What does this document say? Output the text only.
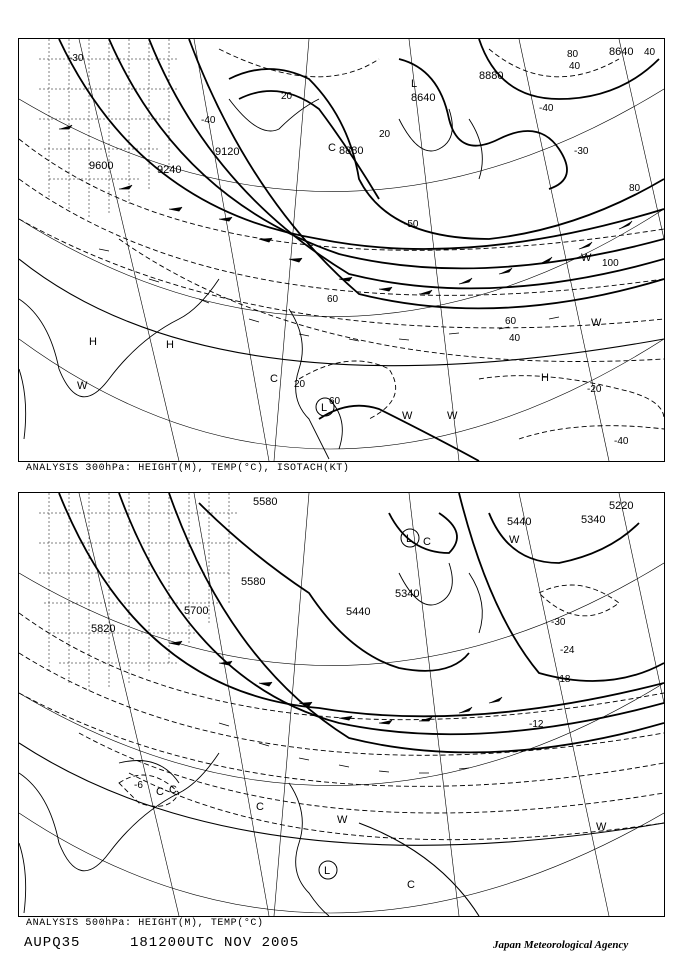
9600	9240
9120	8880
8640
8880
8640
-30
-40
-50
-40
-30
-20
-40
20
40
60
80
100
40
60
20
40
80
60
20
H	H
C
C
L
L
W
W	W
W
W
H
ANALYSIS 300hPa: HEIGHT(M), TEMP(°C), ISOTACH(KT)
5580
5580
5700
5820
5440
5340
5440	5340
5220
-30
-24
-18
-12
-6
L C
C
C
C
L
W
W
W
C
ANALYSIS 500hPa: HEIGHT(M), TEMP(°C)
AUPQ35	181200UTC NOV 2005	Japan Meteorological Agency
